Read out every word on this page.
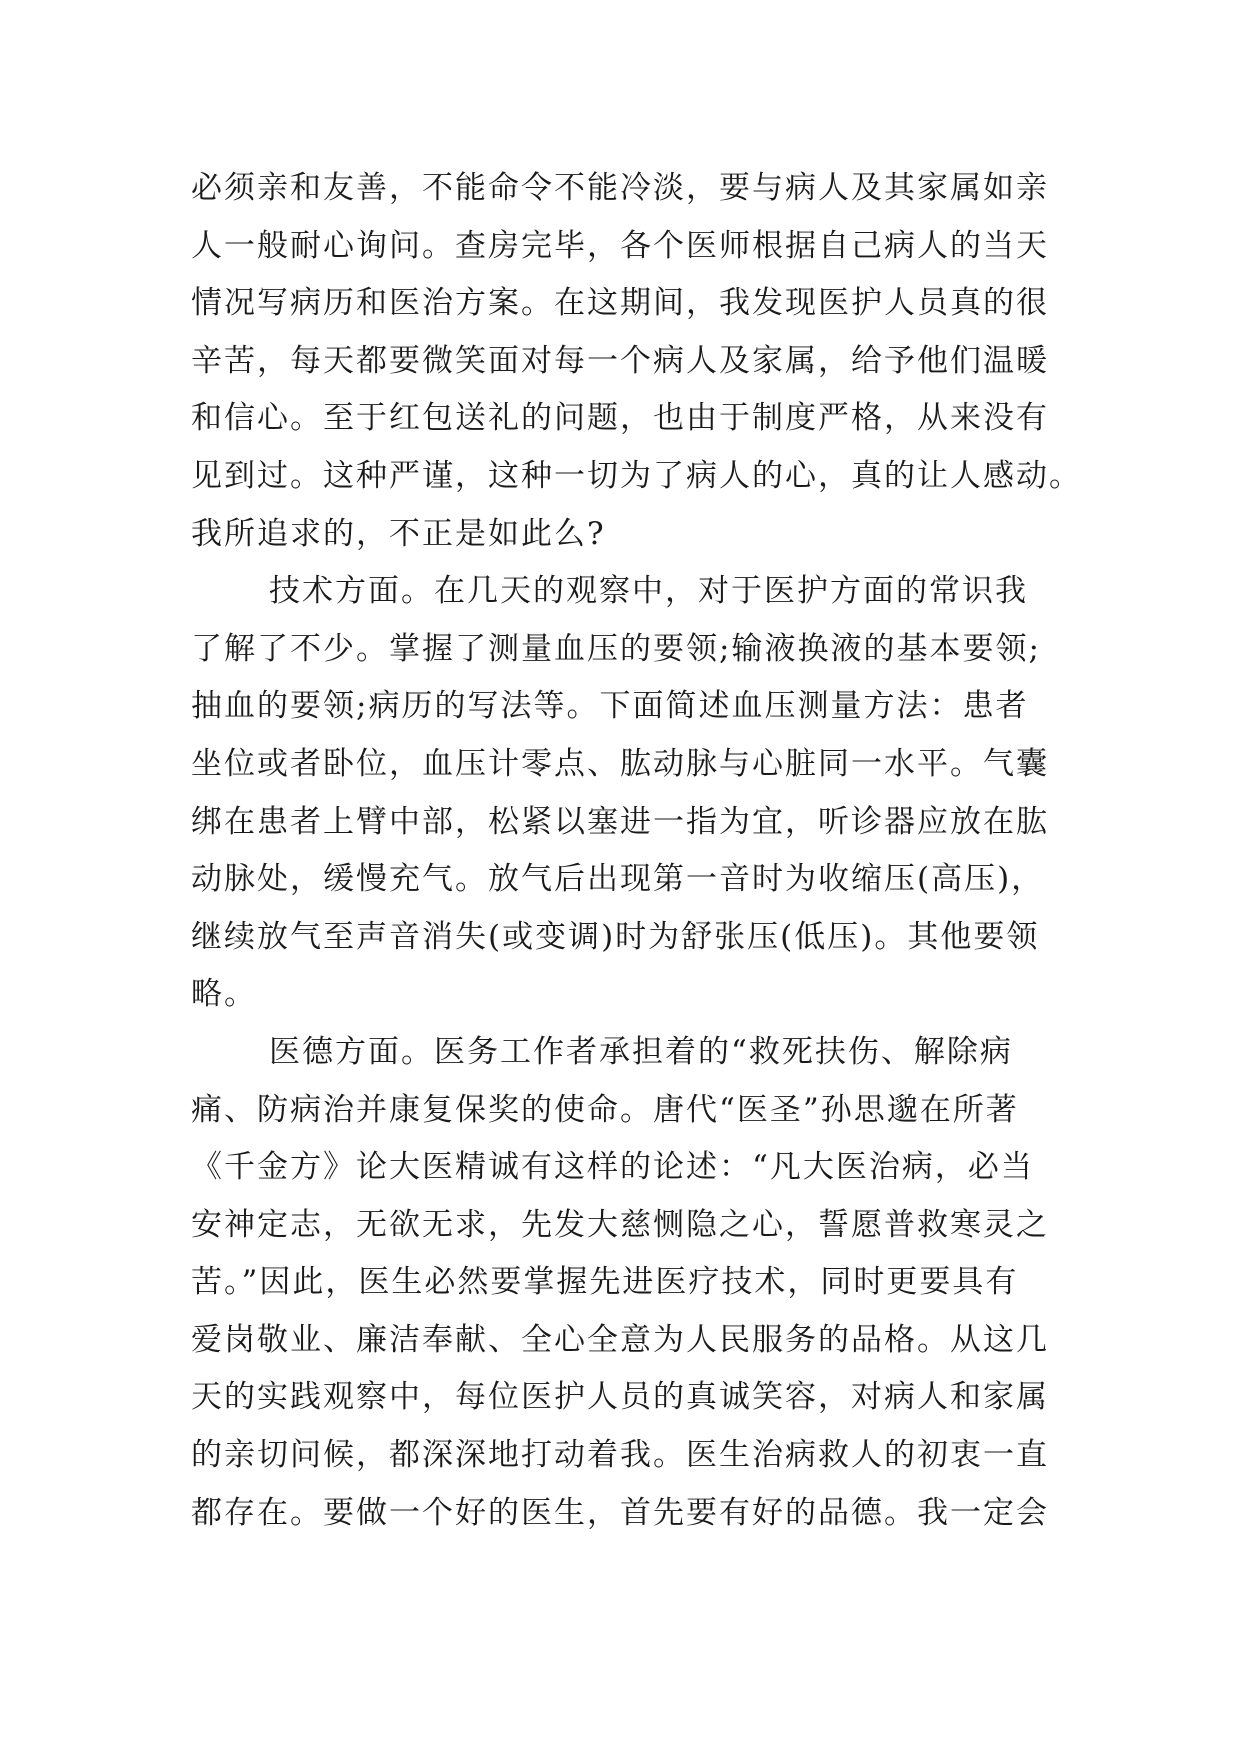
必须亲和友善，不能命令不能冷淡，要与病人及其家属如亲
人一般耐心询问。查房完毕，各个医师根据自己病人的当天
情况写病历和医治方案。在这期间，我发现医护人员真的很
辛苦，每天都要微笑面对每一个病人及家属，给予他们温暖
和信心。至于红包送礼的问题，也由于制度严格，从来没有
见到过。这种严谨，这种一切为了病人的心，真的让人感动。
我所追求的，不正是如此么?
技术方面。在几天的观察中，对于医护方面的常识我
了解了不少。掌握了测量血压的要领;输液换液的基本要领;
抽血的要领;病历的写法等。下面简述血压测量方法：患者
坐位或者卧位，血压计零点、肱动脉与心脏同一水平。气囊
绑在患者上臂中部，松紧以塞进一指为宜，听诊器应放在肱
动脉处，缓慢充气。放气后出现第一音时为收缩压(高压)，
继续放气至声音消失(或变调)时为舒张压(低压)。其他要领
略。
医德方面。医务工作者承担着的“救死扶伤、解除病
痛、防病治并康复保奖的使命。唐代“医圣”孙思邈在所著
《千金方》论大医精诚有这样的论述：“凡大医治病，必当
安神定志，无欲无求，先发大慈恻隐之心，誓愿普救寒灵之
苦。”因此，医生必然要掌握先进医疗技术，同时更要具有
爱岗敬业、廉洁奉献、全心全意为人民服务的品格。从这几
天的实践观察中，每位医护人员的真诚笑容，对病人和家属
的亲切问候，都深深地打动着我。医生治病救人的初衷一直
都存在。要做一个好的医生，首先要有好的品德。我一定会
